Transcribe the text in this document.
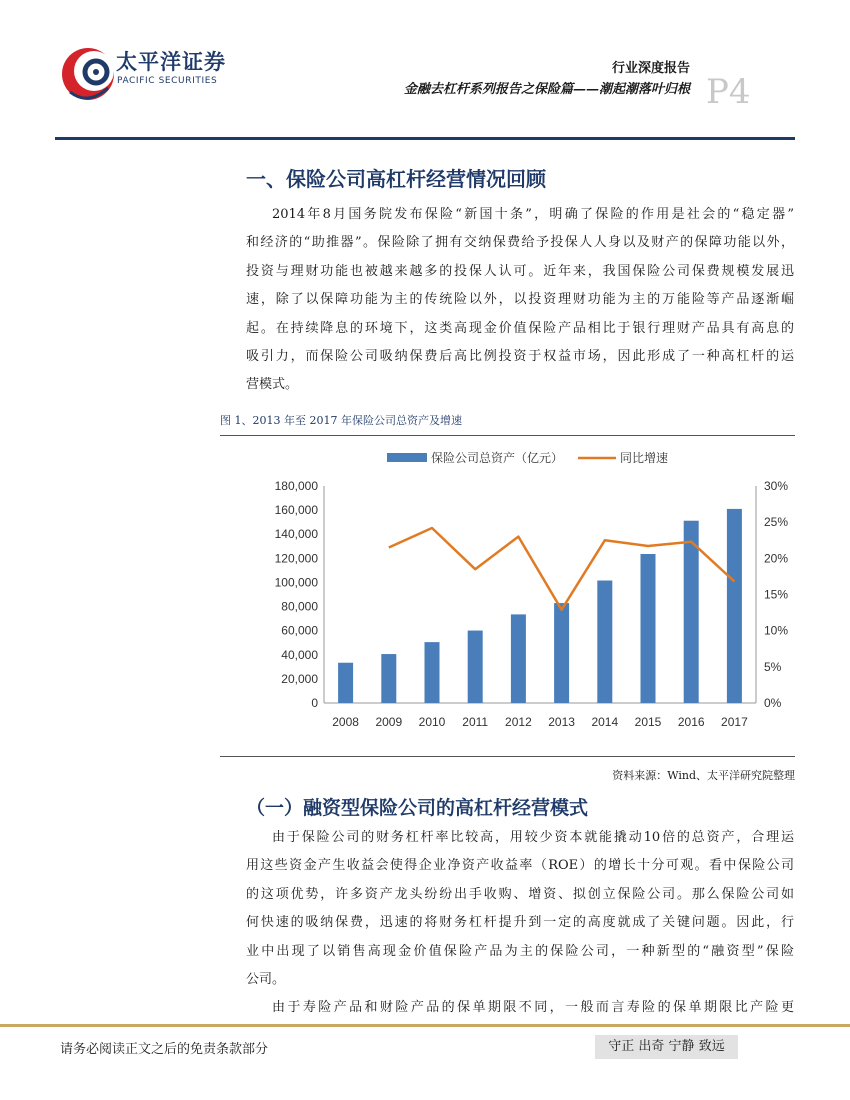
太平洋证券
PACIFIC SECURITIES
行业深度报告
金融去杠杆系列报告之保险篇——潮起潮落叶归根 P4
一、保险公司高杠杆经营情况回顾
2014年8月国务院发布保险“新国十条”，明确了保险的作用是社会的“稳定器”
和经济的“助推器”。保险除了拥有交纳保费给予投保人人身以及财产的保障功能以外，
投资与理财功能也被越来越多的投保人认可。近年来，我国保险公司保费规模发展迅
速，除了以保障功能为主的传统险以外，以投资理财功能为主的万能险等产品逐渐崛
起。在持续降息的环境下，这类高现金价值保险产品相比于银行理财产品具有高息的
吸引力，而保险公司吸纳保费后高比例投资于权益市场，因此形成了一种高杠杆的运
营模式。
图 1、2013 年至 2017 年保险公司总资产及增速
0
20,000
40,000
60,000
80,000
100,000
120,000
140,000
160,000
180,000
0%
5%
10%
15%
20%
25%
30%
2008 2009 2010 2011 2012 2013 2014 2015 2016 2017
保险公司总资产（亿元）	同比增速
资料来源：Wind、太平洋研究院整理
（一）融资型保险公司的高杠杆经营模式
由于保险公司的财务杠杆率比较高，用较少资本就能撬动10倍的总资产，合理运
用这些资金产生收益会使得企业净资产收益率（ROE）的增长十分可观。看中保险公司
的这项优势，许多资产龙头纷纷出手收购、增资、拟创立保险公司。那么保险公司如
何快速的吸纳保费，迅速的将财务杠杆提升到一定的高度就成了关键问题。因此，行
业中出现了以销售高现金价值保险产品为主的保险公司，一种新型的“融资型”保险
公司。
由于寿险产品和财险产品的保单期限不同，一般而言寿险的保单期限比产险更
请务必阅读正文之后的免责条款部分	守正 出奇 宁静 致远
